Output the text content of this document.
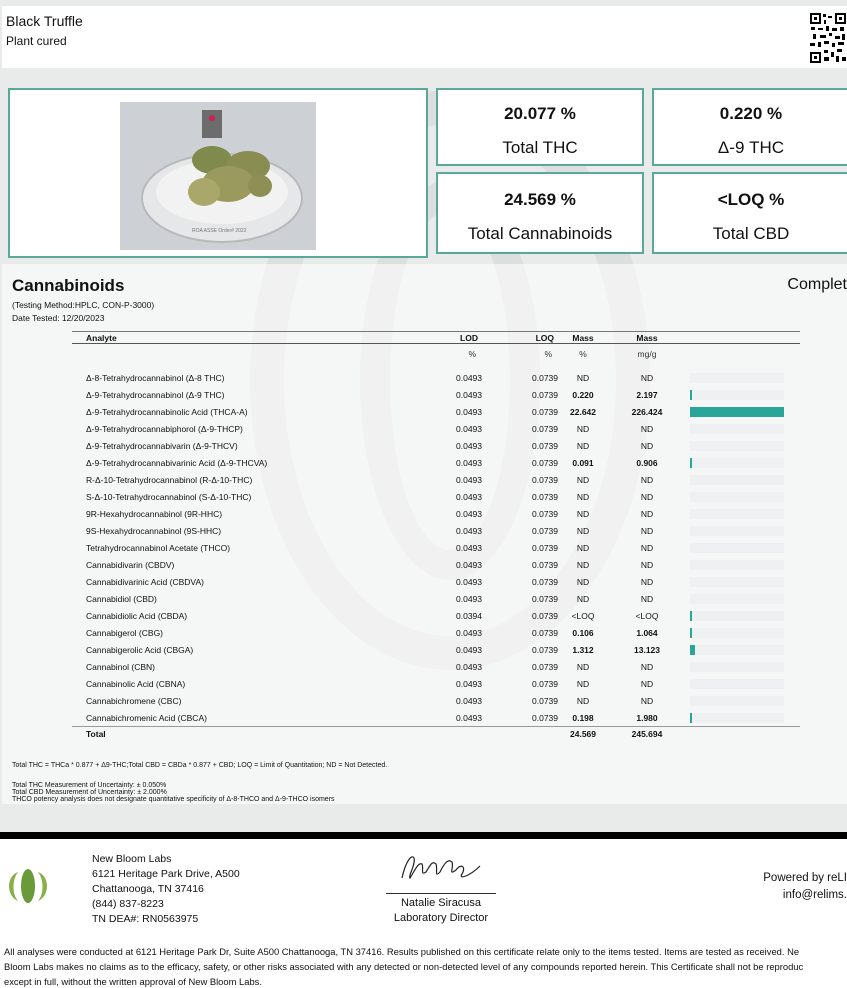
Black Truffle
Plant cured
ROA ASSE Order# 2022
20.077 %
Total THC
0.220 %
Δ-9 THC
24.569 %
Total Cannabinoids
<LOQ %
Total CBD
Cannabinoids	Complet
(Testing Method:HPLC, CON-P-3000)
Date Tested: 12/20/2023
Analyte	LOD	LOQ	Mass	Mass	
	%	%	%	mg/g	

Δ-8-Tetrahydrocannabinol (Δ-8 THC)	0.0493	0.0739	ND	ND	

Δ-9-Tetrahydrocannabinol (Δ-9 THC)	0.0493	0.0739	0.220	2.197	

Δ-9-Tetrahydrocannabinolic Acid (THCA-A)	0.0493	0.0739	22.642	226.424	

Δ-9-Tetrahydrocannabiphorol (Δ-9-THCP)	0.0493	0.0739	ND	ND	

Δ-9-Tetrahydrocannabivarin (Δ-9-THCV)	0.0493	0.0739	ND	ND	

Δ-9-Tetrahydrocannabivarinic Acid (Δ-9-THCVA)	0.0493	0.0739	0.091	0.906	

R-Δ-10-Tetrahydrocannabinol (R-Δ-10-THC)	0.0493	0.0739	ND	ND	

S-Δ-10-Tetrahydrocannabinol (S-Δ-10-THC)	0.0493	0.0739	ND	ND	

9R-Hexahydrocannabinol (9R-HHC)	0.0493	0.0739	ND	ND	

9S-Hexahydrocannabinol (9S-HHC)	0.0493	0.0739	ND	ND	

Tetrahydrocannabinol Acetate (THCO)	0.0493	0.0739	ND	ND	

Cannabidivarin (CBDV)	0.0493	0.0739	ND	ND	

Cannabidivarinic Acid (CBDVA)	0.0493	0.0739	ND	ND	

Cannabidiol (CBD)	0.0493	0.0739	ND	ND	

Cannabidiolic Acid (CBDA)	0.0394	0.0739	<LOQ	<LOQ	

Cannabigerol (CBG)	0.0493	0.0739	0.106	1.064	

Cannabigerolic Acid (CBGA)	0.0493	0.0739	1.312	13.123	

Cannabinol (CBN)	0.0493	0.0739	ND	ND	

Cannabinolic Acid (CBNA)	0.0493	0.0739	ND	ND	

Cannabichromene (CBC)	0.0493	0.0739	ND	ND	

Cannabichromenic Acid (CBCA)	0.0493	0.0739	0.198	1.980	

Total			24.569	245.694	
Total THC = THCa * 0.877 + Δ9-THC;Total CBD = CBDa * 0.877 + CBD; LOQ = Limit of Quantitation; ND = Not Detected.
Total THC Measurement of Uncertainty: ± 0.050%
Total CBD Measurement of Uncertainty: ± 2.000%
THCO potency analysis does not designate quantitative specificity of Δ-8-THCO and Δ-9-THCO isomers
New Bloom Labs
6121 Heritage Park Drive, A500
Chattanooga, TN 37416
(844) 837-8223
TN DEA#: RN0563975
Natalie Siracusa
Laboratory Director
Powered by reLI
info@relims.
All analyses were conducted at 6121 Heritage Park Dr, Suite A500 Chattanooga, TN 37416. Results published on this certificate relate only to the items tested. Items are tested as received. Ne
Bloom Labs makes no claims as to the efficacy, safety, or other risks associated with any detected or non-detected level of any compounds reported herein. This Certificate shall not be reproduc
except in full, without the written approval of New Bloom Labs.
